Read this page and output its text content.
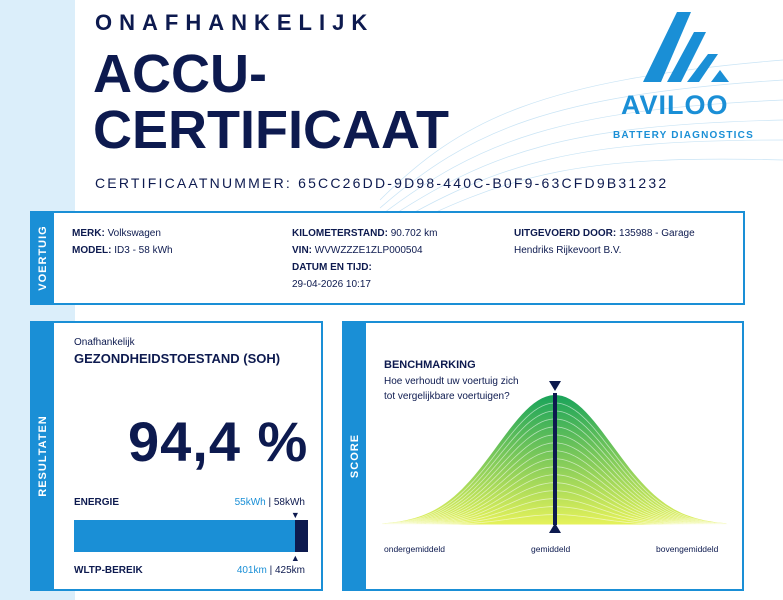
ONAFHANKELIJK
ACCU-
CERTIFICAAT
CERTIFICAATNUMMER: 65CC26DD-9D98-440C-B0F9-63CFD9B31232
AVILOO
BATTERY DIAGNOSTICS
VOERTUIG MERK: Volkswagen
MODEL: ID3 - 58 kWh
KILOMETERSTAND: 90.702 km
VIN: WVWZZZE1ZLP000504
DATUM EN TIJD:
29-04-2026 10:17
UITGEVOERD DOOR: 135988 - Garage Hendriks Rijkevoort B.V.
RESULTATEN
Onafhankelijk
GEZONDHEIDSTOESTAND (SOH)
94,4 %
ENERGIE	55kWh | 58kWh
▼
▲
WLTP-BEREIK	401km | 425km
SCORE
BENCHMARKING
Hoe verhoudt uw voertuig zich tot vergelijkbare voertuigen?
ondergemiddeld	gemiddeld	bovengemiddeld
